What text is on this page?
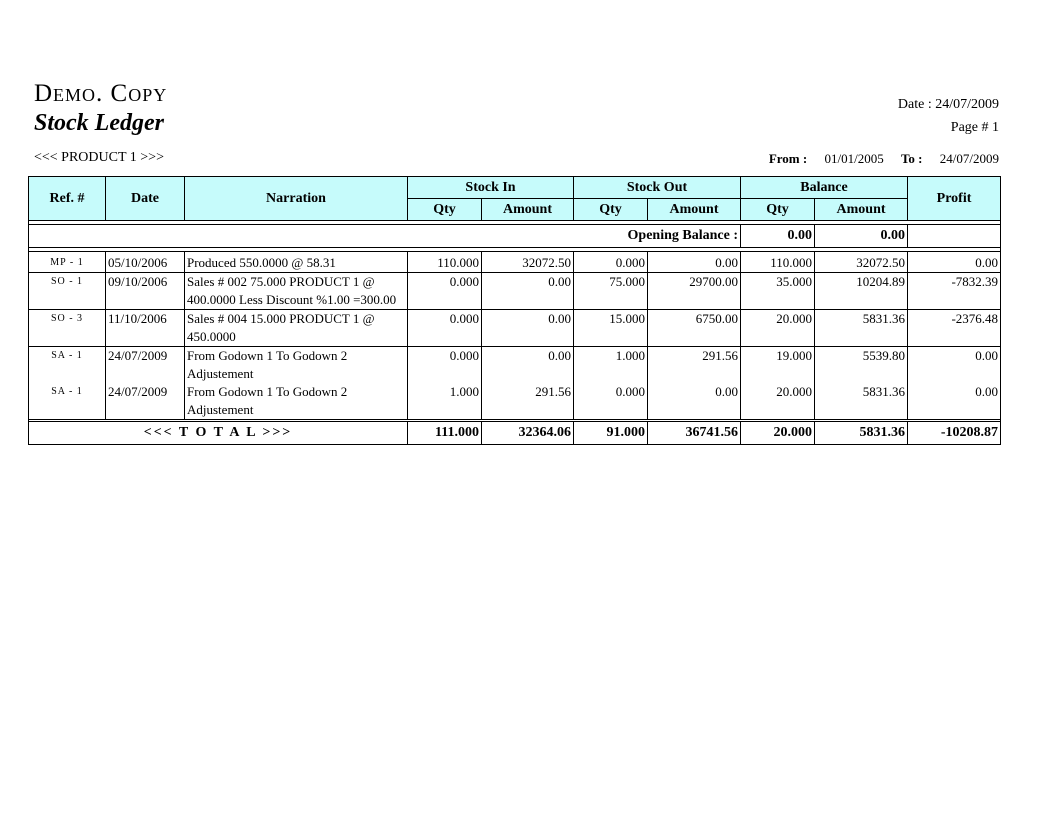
Demo. Copy
Stock Ledger
Date : 24/07/2009
Page # 1
<<< PRODUCT 1 >>>	From : 01/01/2005 To : 24/07/2009
Ref. #	Date	Narration	Stock In		Stock Out		Balance		Profit
			Qty	Amount	Qty	Amount	Qty	Amount	

Opening Balance :							0.00	0.00	

MP - 1	05/10/2006	Produced 550.0000 @ 58.31	110.000	32072.50	0.000	0.00	110.000	32072.50	0.00
SO - 1	09/10/2006	Sales # 002 75.000 PRODUCT 1 @ 400.0000 Less Discount %1.00 =300.00	0.000	0.00	75.000	29700.00	35.000	10204.89	-7832.39
SO - 3	11/10/2006	Sales # 004 15.000 PRODUCT 1 @ 450.0000	0.000	0.00	15.000	6750.00	20.000	5831.36	-2376.48
SA - 1	24/07/2009	From Godown 1 To Godown 2 Adjustement	0.000	0.00	1.000	291.56	19.000	5539.80	0.00
SA - 1	24/07/2009	From Godown 1 To Godown 2 Adjustement	1.000	291.56	0.000	0.00	20.000	5831.36	0.00

<<< T O T A L >>>			111.000	32364.06	91.000	36741.56	20.000	5831.36	-10208.87
